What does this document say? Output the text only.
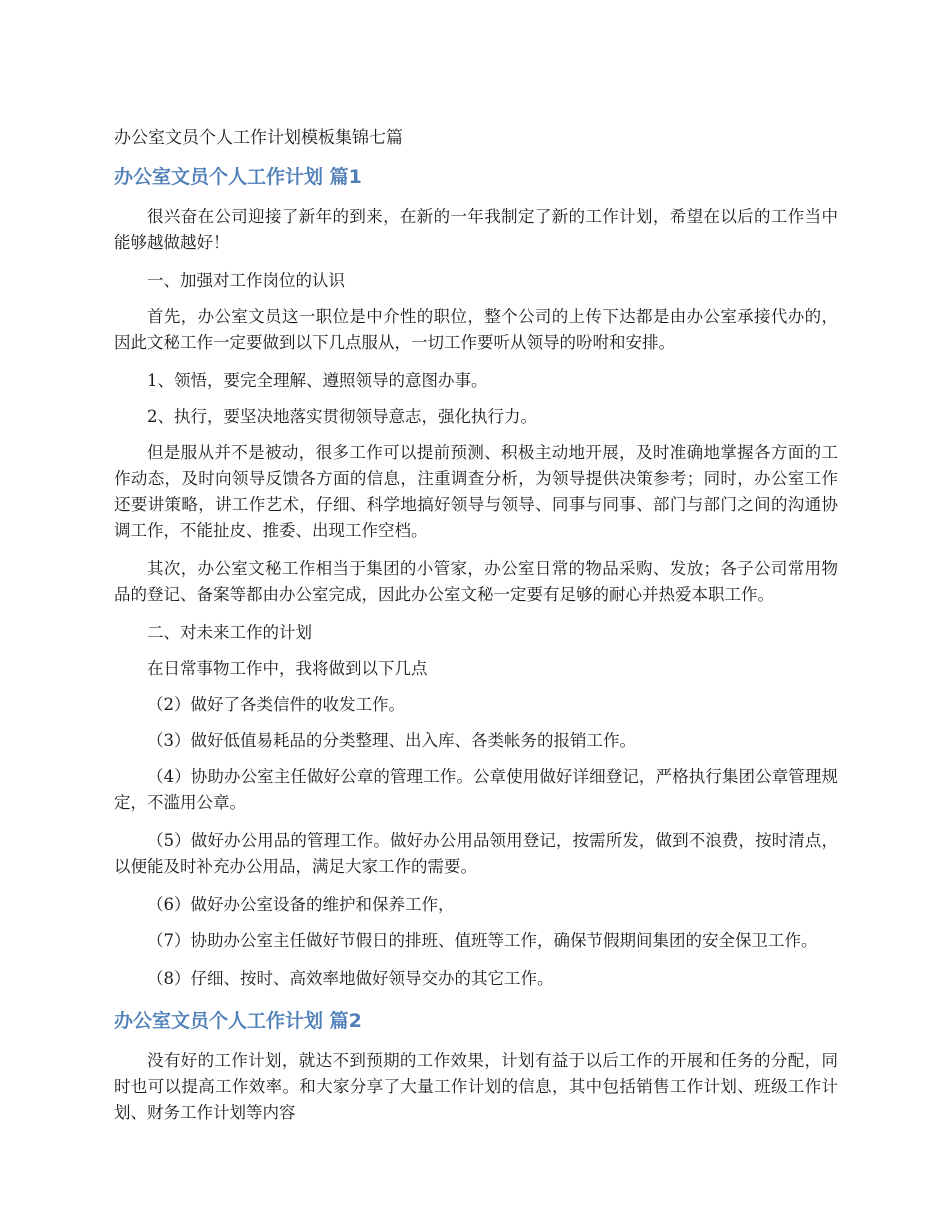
办公室文员个人工作计划模板集锦七篇
办公室文员个人工作计划 篇1

很兴奋在公司迎接了新年的到来，在新的一年我制定了新的工作计划，希望在以后的工作当中能够越做越好！

一、加强对工作岗位的认识

首先，办公室文员这一职位是中介性的职位，整个公司的上传下达都是由办公室承接代办的，因此文秘工作一定要做到以下几点服从，一切工作要听从领导的吩咐和安排。

1、领悟，要完全理解、遵照领导的意图办事。

2、执行，要坚决地落实贯彻领导意志，强化执行力。

但是服从并不是被动，很多工作可以提前预测、积极主动地开展，及时准确地掌握各方面的工作动态，及时向领导反馈各方面的信息，注重调查分析，为领导提供决策参考；同时，办公室工作还要讲策略，讲工作艺术，仔细、科学地搞好领导与领导、同事与同事、部门与部门之间的沟通协调工作，不能扯皮、推委、出现工作空档。

其次，办公室文秘工作相当于集团的小管家，办公室日常的物品采购、发放；各子公司常用物品的登记、备案等都由办公室完成，因此办公室文秘一定要有足够的耐心并热爱本职工作。

二、对未来工作的计划

在日常事物工作中，我将做到以下几点

（2）做好了各类信件的收发工作。

（3）做好低值易耗品的分类整理、出入库、各类帐务的报销工作。

（4）协助办公室主任做好公章的管理工作。公章使用做好详细登记，严格执行集团公章管理规定，不滥用公章。

（5）做好办公用品的管理工作。做好办公用品领用登记，按需所发，做到不浪费，按时清点，以便能及时补充办公用品，满足大家工作的需要。

（6）做好办公室设备的维护和保养工作，

（7）协助办公室主任做好节假日的排班、值班等工作，确保节假期间集团的安全保卫工作。

（8）仔细、按时、高效率地做好领导交办的其它工作。

办公室文员个人工作计划 篇2

没有好的工作计划，就达不到预期的工作效果，计划有益于以后工作的开展和任务的分配，同时也可以提高工作效率。和大家分享了大量工作计划的信息，其中包括销售工作计划、班级工作计划、财务工作计划等内容
